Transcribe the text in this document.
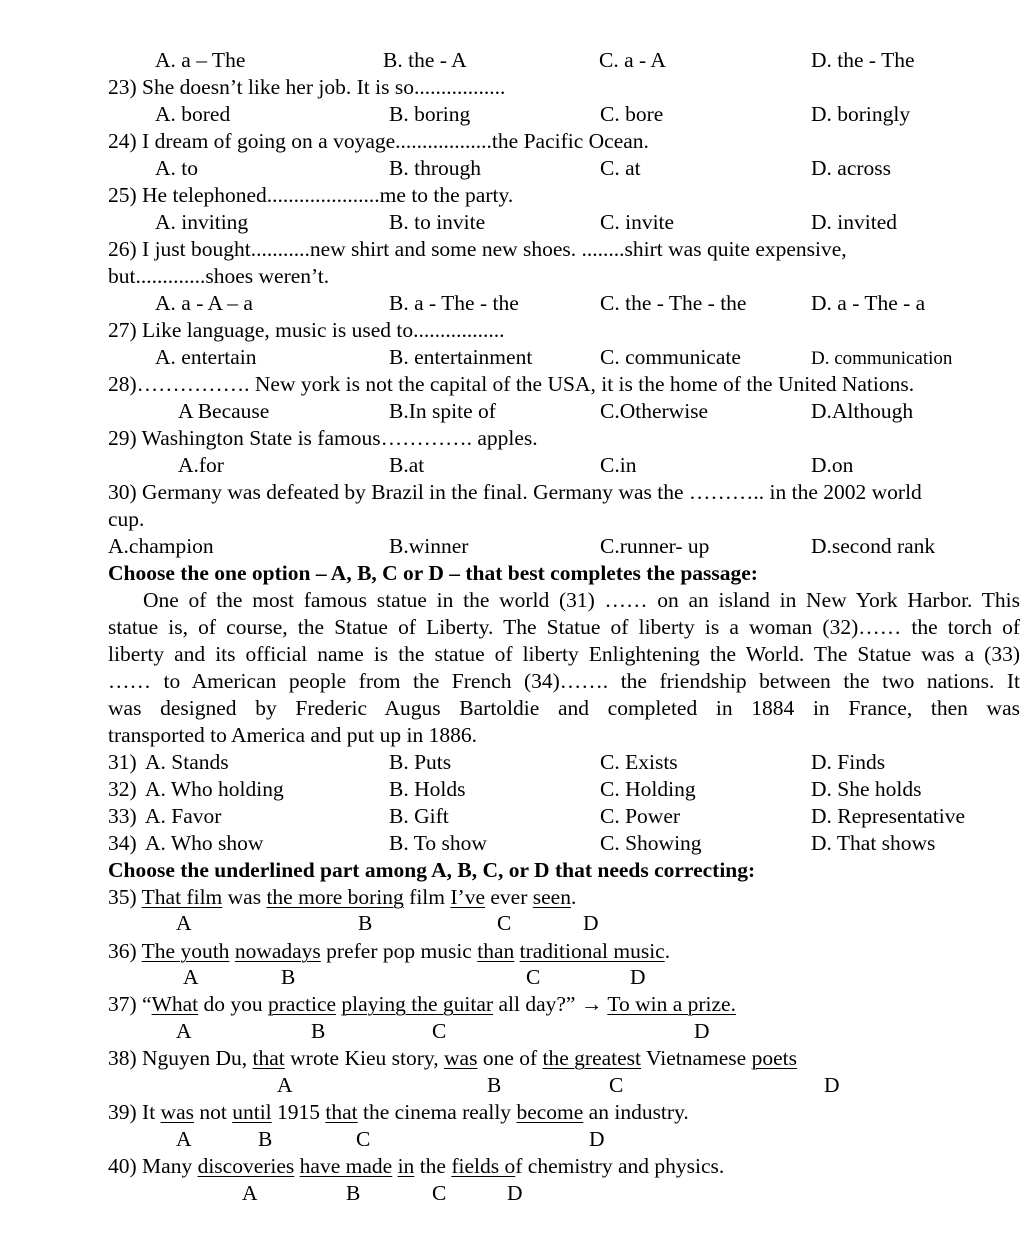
A. a – The	B. the - A	C. a - A	D. the - The
23) She doesn’t like her job. It is so.................
A. bored	B. boring	C. bore	D. boringly
24) I dream of going on a voyage..................the Pacific Ocean.
A. to	B. through	C. at	D. across
25) He telephoned.....................me to the party.
A. inviting	B. to invite	C. invite	D. invited
26) I just bought...........new shirt and some new shoes. ........shirt was quite expensive,
but.............shoes weren’t.
A. a - A – a	B. a - The - the	C. the - The - the	D. a - The - a
27) Like language, music is used to.................
A. entertain	B. entertainment	C. communicate	D. communication
28)……………. New york is not the capital of the USA, it is the home of the United Nations.
A Because	B.In spite of	C.Otherwise	D.Although
29) Washington State is famous…………. apples.
A.for	B.at	C.in	D.on
30) Germany was defeated by Brazil in the final. Germany was the ……….. in the 2002 world
cup.
A.champion	B.winner	C.runner- up	D.second rank
Choose the one option – A, B, C or D – that best completes the passage:
One of the most famous statue in the world (31) …… on an island in New York Harbor. This
statue is, of course, the Statue of Liberty. The Statue of liberty is a woman (32)…… the torch of
liberty and its official name is the statue of liberty Enlightening the World. The Statue was a (33)
…… to American people from the French (34)……. the friendship between the two nations. It
was designed by Frederic Augus Bartoldie and completed in 1884 in France, then was
transported to America and put up in 1886.
31) A. Stands	B. Puts	C. Exists	D. Finds
32) A. Who holding	B. Holds	C. Holding	D. She holds
33) A. Favor	B. Gift	C. Power	D. Representative
34) A. Who show	B. To show	C. Showing	D. That shows
Choose the underlined part among A, B, C, or D that needs correcting:
35) That film was the more boring film I’ve ever seen.
A	B	C	D
36) The youth nowadays prefer pop music than traditional music.
A	B	C	D
37) “What do you practice playing the guitar all day?” → To win a prize.
A	B	C	D
38) Nguyen Du, that wrote Kieu story, was one of the greatest Vietnamese poets
A	B	C	D
39) It was not until 1915 that the cinema really become an industry.
A	B	C	D
40) Many discoveries have made in the fields of chemistry and physics.
A	B	C	D
